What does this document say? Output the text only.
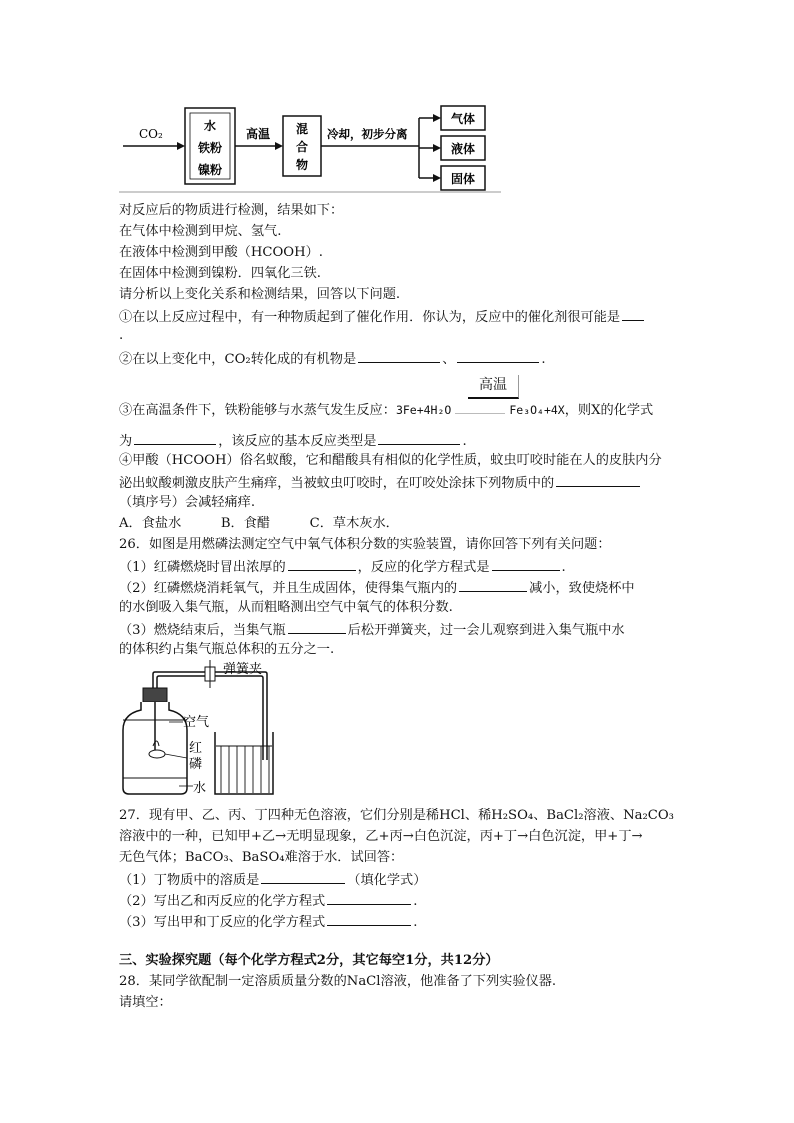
CO₂
水
铁粉
镍粉
高温 混
合
物
冷却，初步分离
气体
液体
固体
对反应后的物质进行检测，结果如下：
在气体中检测到甲烷、氢气.
在液体中检测到甲酸（HCOOH）.
在固体中检测到镍粉．四氧化三铁.
请分析以上变化关系和检测结果，回答以下问题.
①在以上反应过程中，有一种物质起到了催化作用．你认为，反应中的催化剂很可能是
.
②在以上变化中，CO₂转化成的有机物是	、	.
高温
③在高温条件下，铁粉能够与水蒸气发生反应：3Fe+4H₂O	Fe₃O₄+4X，则X的化学式
为	，该反应的基本反应类型是	.
④甲酸（HCOOH）俗名蚁酸，它和醋酸具有相似的化学性质，蚊虫叮咬时能在人的皮肤内分
泌出蚁酸刺激皮肤产生痛痒，当被蚊虫叮咬时，在叮咬处涂抹下列物质中的
（填序号）会减轻痛痒.
A．食盐水　　　B．食醋　　　C．草木灰水．
26．如图是用燃磷法测定空气中氧气体积分数的实验装置，请你回答下列有关问题：
（1）红磷燃烧时冒出浓厚的	，反应的化学方程式是	.
（2）红磷燃烧消耗氧气，并且生成固体，使得集气瓶内的	减小，致使烧杯中
的水倒吸入集气瓶，从而粗略测出空气中氧气的体积分数.
（3）燃烧结束后，当集气瓶	后松开弹簧夹，过一会儿观察到进入集气瓶中水
的体积约占集气瓶总体积的五分之一.
弹簧夹
空气
红
磷
水
27．现有甲、乙、丙、丁四种无色溶液，它们分别是稀HCl、稀H₂SO₄、BaCl₂溶液、Na₂CO₃
溶液中的一种，已知甲+乙→无明显现象，乙+丙→白色沉淀，丙+丁→白色沉淀，甲+丁→
无色气体；BaCO₃、BaSO₄难溶于水．试回答：
（1）丁物质中的溶质是	（填化学式）
（2）写出乙和丙反应的化学方程式	.
（3）写出甲和丁反应的化学方程式	.
三、实验探究题（每个化学方程式2分，其它每空1分，共12分）
28．某同学欲配制一定溶质质量分数的NaCl溶液，他准备了下列实验仪器.
请填空：
